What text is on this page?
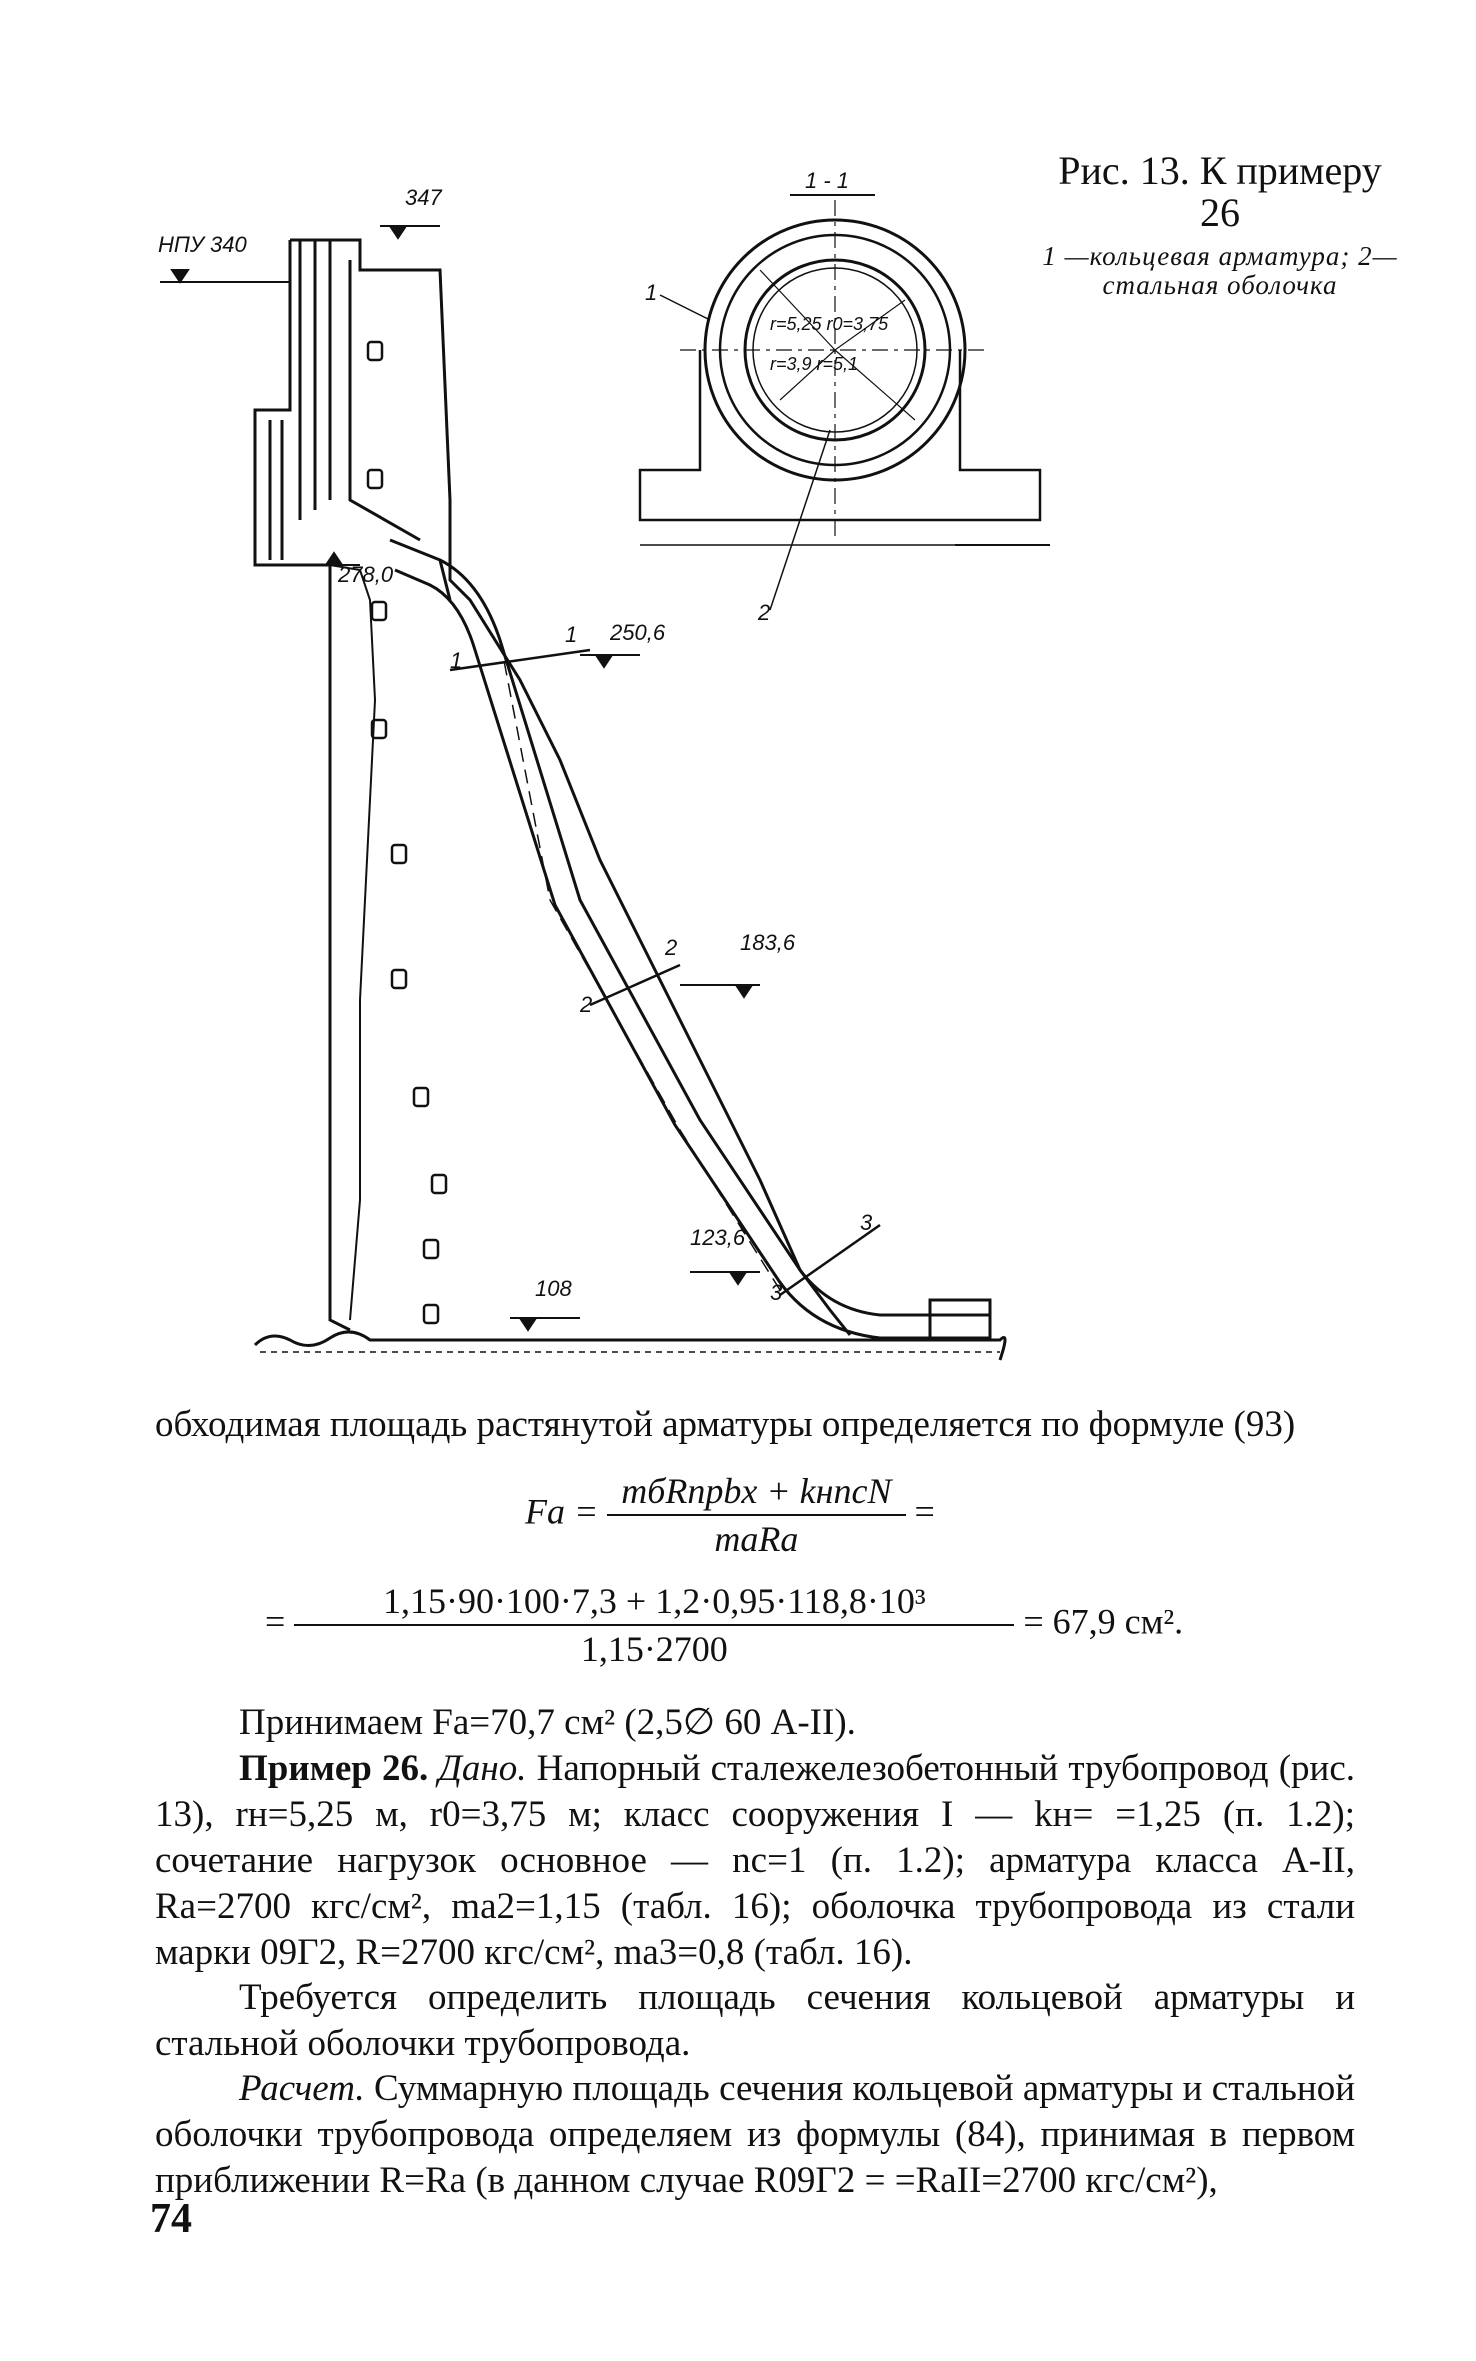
НПУ 340
347
278,0
250,6
1
1
183,6
2
2
123,6
3
3
108
1 - 1
1
2
r=5,25 r0=3,75
r=3,9 r=5,1
Рис. 13. К примеру 26
1 —кольцевая арматура; 2—стальная оболочка
обходимая площадь растянутой арматуры определяется по формуле (93)
$Fa = \frac{\text{mбRпрbx + kнncN}}{\text{maRa}}$ =
= $\frac{\text{1,15·90·100·7,3 + 1,2·0,95·118,8·10³}}{1,15\cdot 2700} = 67,9$ см².
Принимаем Fa=70,7 см² (2,5∅ 60 А-II).
Пример 26. Дано. Напорный сталежелезобетонный трубопровод (рис. 13), rн=5,25 м, r0=3,75 м; класс сооружения I — kн= =1,25 (п. 1.2); сочетание нагрузок основное — nc=1 (п. 1.2); арматура класса А-II, Ra=2700 кгс/см², ma2=1,15 (табл. 16); оболочка трубопровода из стали марки 09Г2, R=2700 кгс/см², ma3=0,8 (табл. 16).
Требуется определить площадь сечения кольцевой арматуры и стальной оболочки трубопровода.
Расчет. Суммарную площадь сечения кольцевой арматуры и стальной оболочки трубопровода определяем из формулы (84), принимая в первом приближении R=Ra (в данном случае R09Г2 = =RaII=2700 кгс/см²),
74
